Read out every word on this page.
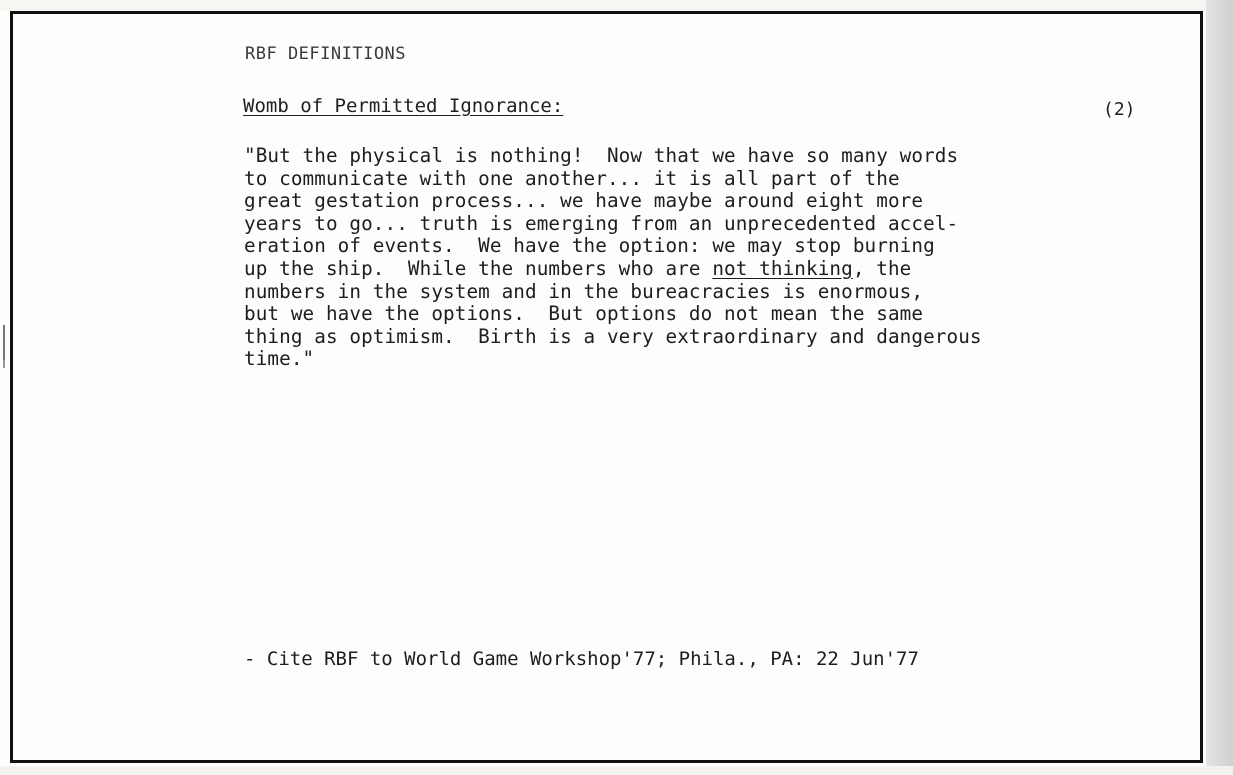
RBF DEFINITIONS
Womb of Permitted Ignorance:	(2)
"But the physical is nothing!  Now that we have so many words
to communicate with one another... it is all part of the
great gestation process... we have maybe around eight more
years to go... truth is emerging from an unprecedented accel-
eration of events.  We have the option: we may stop burning
up the ship.  While the numbers who are not thinking, the
numbers in the system and in the bureacracies is enormous,
but we have the options.  But options do not mean the same
thing as optimism.  Birth is a very extraordinary and dangerous
time."
- Cite RBF to World Game Workshop'77; Phila., PA: 22 Jun'77
